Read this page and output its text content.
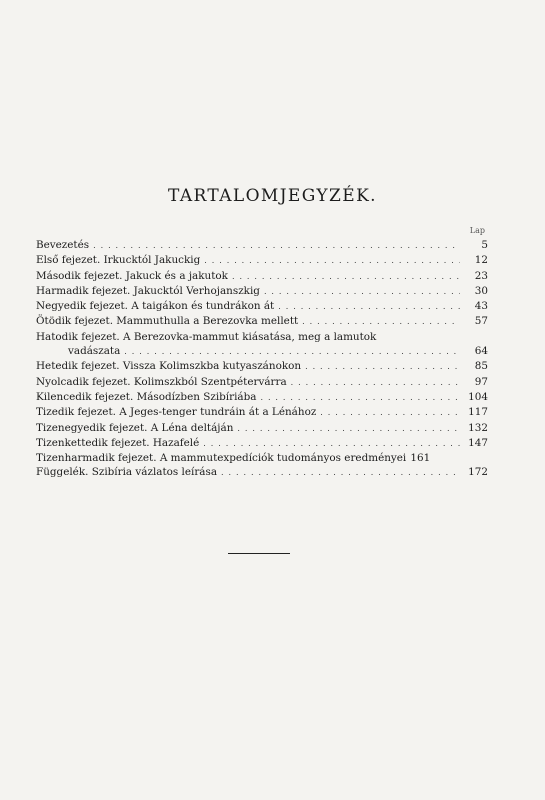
TARTALOMJEGYZÉK.
Lap
Bevezetés . . .	5
Első fejezet. Irkucktól Jakuckig . . .	12
Második fejezet. Jakuck és a jakutok . . .	23
Harmadik fejezet. Jakucktól Verhojanszkig . . .	30
Negyedik fejezet. A taigákon és tundrákon át . . .	43
Ötödik fejezet. Mammuthulla a Berezovka mellett . . .	57
Hatodik fejezet. A Berezovka-mammut kiásatása, meg a lamutok
vadászata . . .	64
Hetedik fejezet. Vissza Kolimszkba kutyaszánokon . . .	85
Nyolcadik fejezet. Kolimszkból Szentpétervárra . . .	97
Kilencedik fejezet. Másodízben Szibíriába . . .	104
Tizedik fejezet. A Jeges-tenger tundráin át a Lénához . . .	117
Tizenegyedik fejezet. A Léna deltáján . . .	132
Tizenkettedik fejezet. Hazafelé . . .	147
Tizenharmadik fejezet. A mammutexpedíciók tudományos eredményei 161
Függelék. Szibíria vázlatos leírása . . .	172
